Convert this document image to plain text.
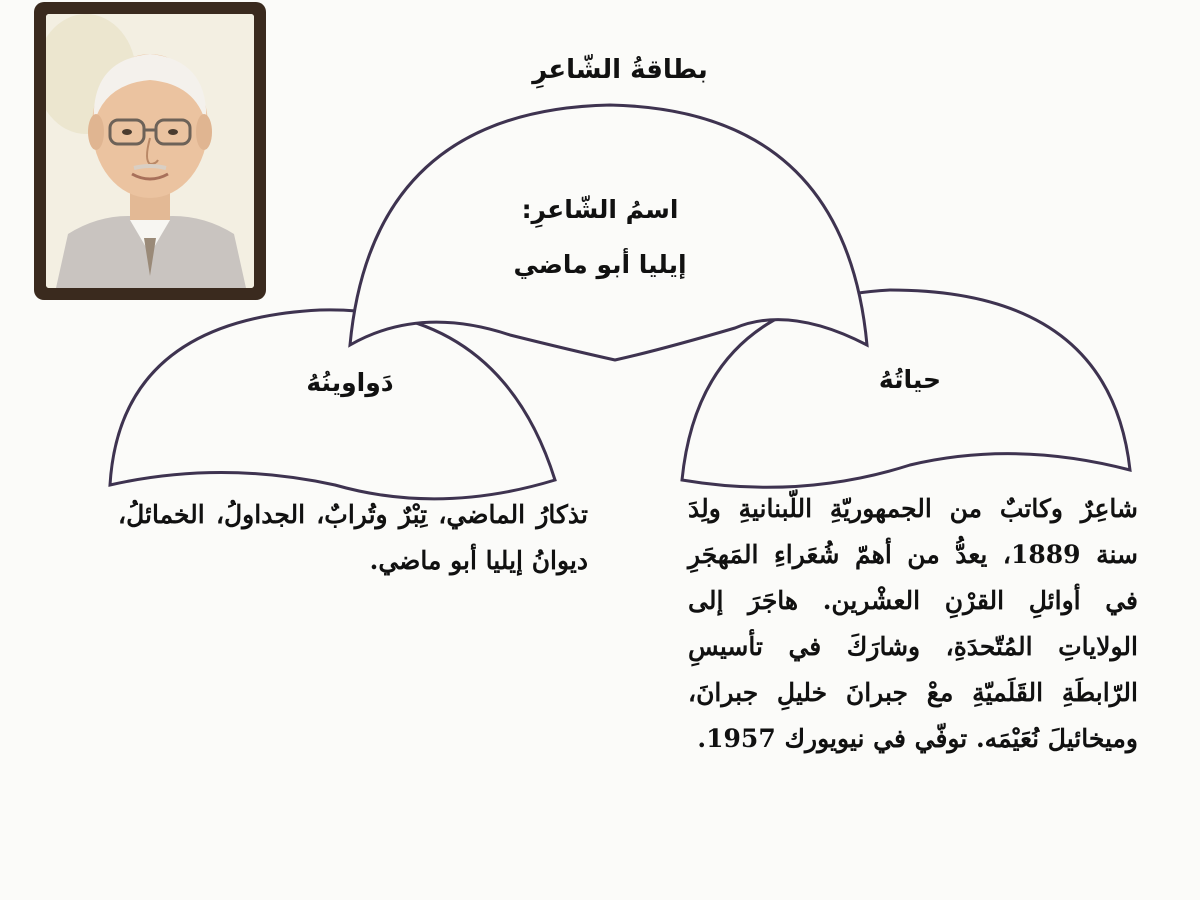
بطاقةُ الشّاعرِ
اسمُ الشّاعرِ:
إيليا أبو ماضي
حياتُهُ
دَواوينُهُ
شاعِرٌ وكاتبٌ من الجمهوريّةِ اللّبنانيةِ ولِدَ سنة 1889، يعدُّ من أهمّ شُعَراءِ المَهجَرِ في أوائلِ القرْنِ العشْرين. هاجَرَ إلى الولاياتِ المُتّحدَةِ، وشارَكَ في تأسيسِ الرّابطَةِ القَلَميّةِ معْ جبرانَ خليلِ جبرانَ، وميخائيلَ نُعَيْمَه. توفّي في نيويورك 1957.
تذكارُ الماضي، تِبْرٌ وتُرابٌ، الجداولُ، الخمائلُ، ديوانُ إيليا أبو ماضي.
